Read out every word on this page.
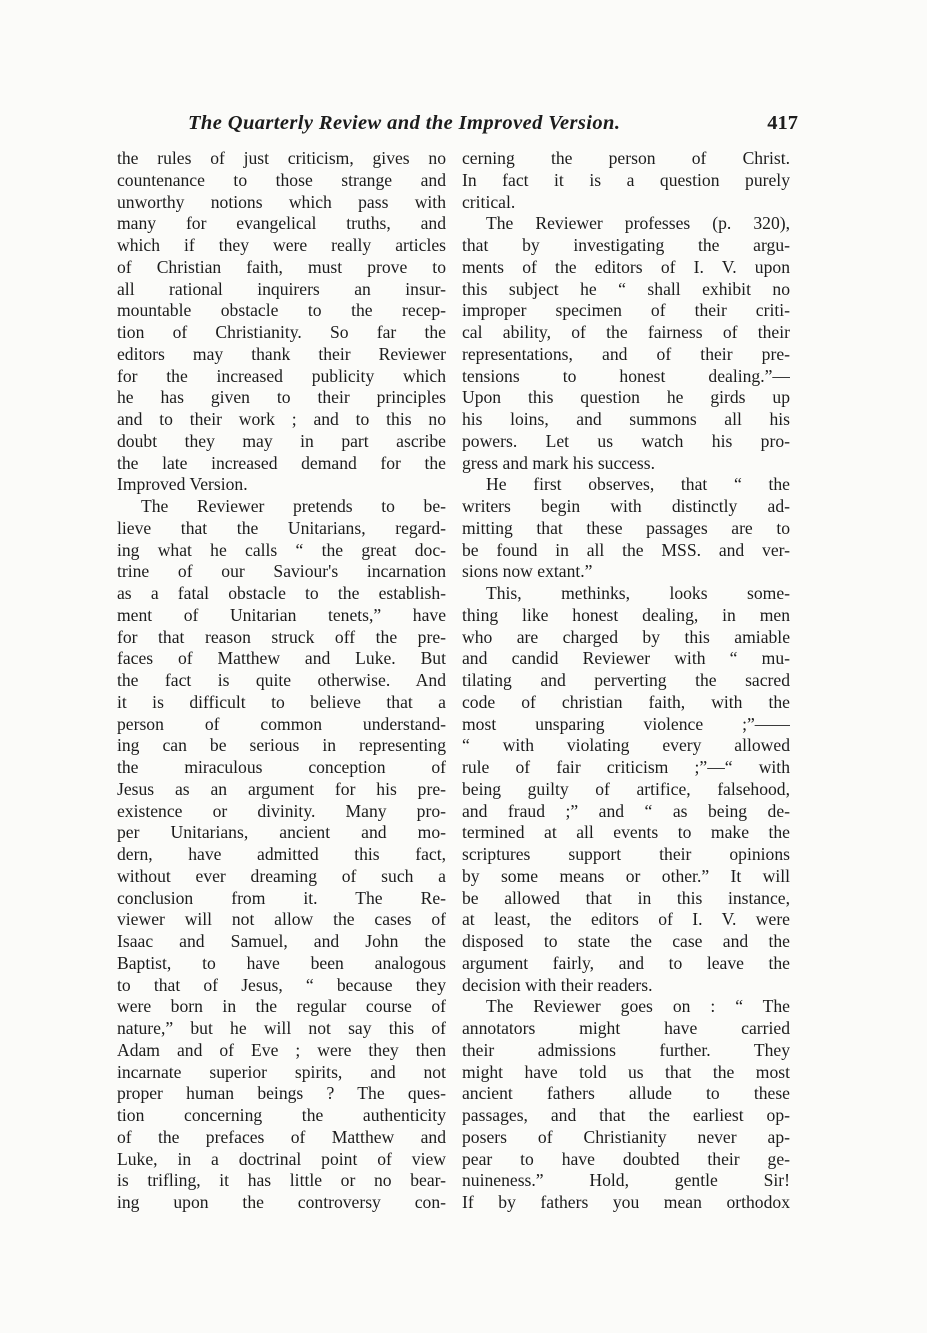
The Quarterly Review and the Improved Version.	417
the rules of just criticism, gives no
countenance to those strange and
unworthy notions which pass with
many for evangelical truths, and
which if they were really articles
of Christian faith, must prove to
all rational inquirers an insur-
mountable obstacle to the recep-
tion of Christianity. So far the
editors may thank their Reviewer
for the increased publicity which
he has given to their principles
and to their work ; and to this no
doubt they may in part ascribe
the late increased demand for the
Improved Version.
The Reviewer pretends to be-
lieve that the Unitarians, regard-
ing what he calls “ the great doc-
trine of our Saviour's incarnation
as a fatal obstacle to the establish-
ment of Unitarian tenets,” have
for that reason struck off the pre-
faces of Matthew and Luke. But
the fact is quite otherwise. And
it is difficult to believe that a
person of common understand-
ing can be serious in representing
the miraculous conception of
Jesus as an argument for his pre-
existence or divinity. Many pro-
per Unitarians, ancient and mo-
dern, have admitted this fact,
without ever dreaming of such a
conclusion from it. The Re-
viewer will not allow the cases of
Isaac and Samuel, and John the
Baptist, to have been analogous
to that of Jesus, “ because they
were born in the regular course of
nature,” but he will not say this of
Adam and of Eve ; were they then
incarnate superior spirits, and not
proper human beings ? The ques-
tion concerning the authenticity
of the prefaces of Matthew and
Luke, in a doctrinal point of view
is trifling, it has little or no bear-
ing upon the controversy con-
cerning the person of Christ.
In fact it is a question purely
critical.
The Reviewer professes (p. 320),
that by investigating the argu-
ments of the editors of I. V. upon
this subject he “ shall exhibit no
improper specimen of their criti-
cal ability, of the fairness of their
representations, and of their pre-
tensions to honest dealing.”—
Upon this question he girds up
his loins, and summons all his
powers. Let us watch his pro-
gress and mark his success.
He first observes, that “ the
writers begin with distinctly ad-
mitting that these passages are to
be found in all the MSS. and ver-
sions now extant.”
This, methinks, looks some-
thing like honest dealing, in men
who are charged by this amiable
and candid Reviewer with “ mu-
tilating and perverting the sacred
code of christian faith, with the
most unsparing violence ;”——
“ with violating every allowed
rule of fair criticism ;”—“ with
being guilty of artifice, falsehood,
and fraud ;” and “ as being de-
termined at all events to make the
scriptures support their opinions
by some means or other.” It will
be allowed that in this instance,
at least, the editors of I. V. were
disposed to state the case and the
argument fairly, and to leave the
decision with their readers.
The Reviewer goes on : “ The
annotators might have carried
their admissions further. They
might have told us that the most
ancient fathers allude to these
passages, and that the earliest op-
posers of Christianity never ap-
pear to have doubted their ge-
nuineness.” Hold, gentle Sir!
If by fathers you mean orthodox
